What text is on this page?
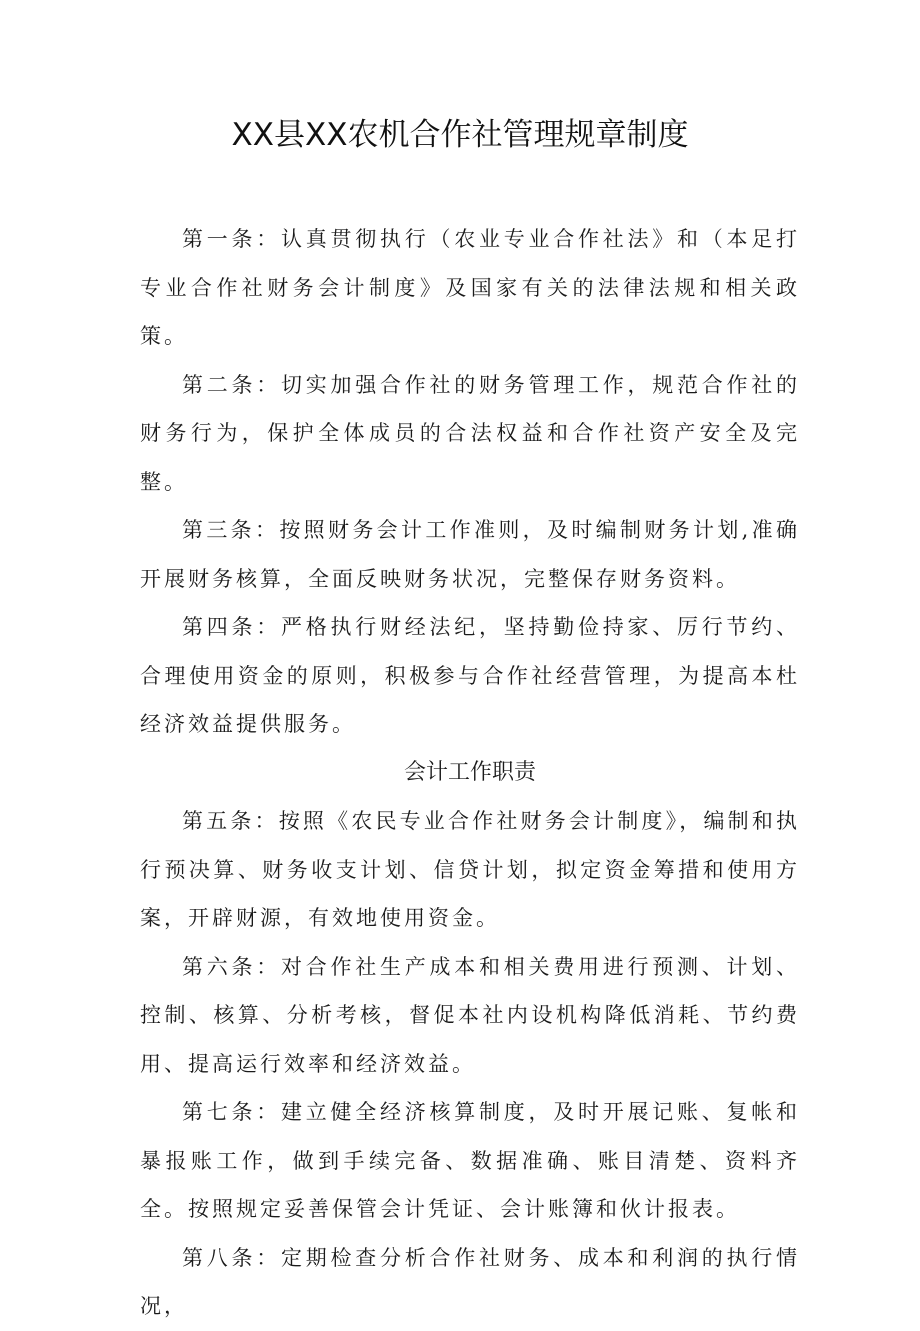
XX县XX农机合作社管理规章制度

第一条：认真贯彻执行（农业专业合作社法》和（本足打专业合作社财务会计制度》及国家有关的法律法规和相关政策。

第二条：切实加强合作社的财务管理工作，规范合作社的财务行为，保护全体成员的合法权益和合作社资产安全及完整。

第三条：按照财务会计工作准则，及时编制财务计划,准确开展财务核算，全面反映财务状况，完整保存财务资料。

第四条：严格执行财经法纪，坚持勤俭持家、厉行节约、合理使用资金的原则，积极参与合作社经营管理，为提高本杜经济效益提供服务。

会计工作职责

第五条：按照《农民专业合作社财务会计制度》，编制和执行预决算、财务收支计划、信贷计划，拟定资金筹措和使用方案，开辟财源，有效地使用资金。

第六条：对合作社生产成本和相关费用进行预测、计划、控制、核算、分析考核，督促本社内设机构降低消耗、节约费用、提高运行效率和经济效益。

第七条：建立健全经济核算制度，及时开展记账、复帐和暴报账工作，做到手续完备、数据准确、账目清楚、资料齐全。按照规定妥善保管会计凭证、会计账簿和伙计报表。

第八条：定期检查分析合作社财务、成本和利润的执行情况，
